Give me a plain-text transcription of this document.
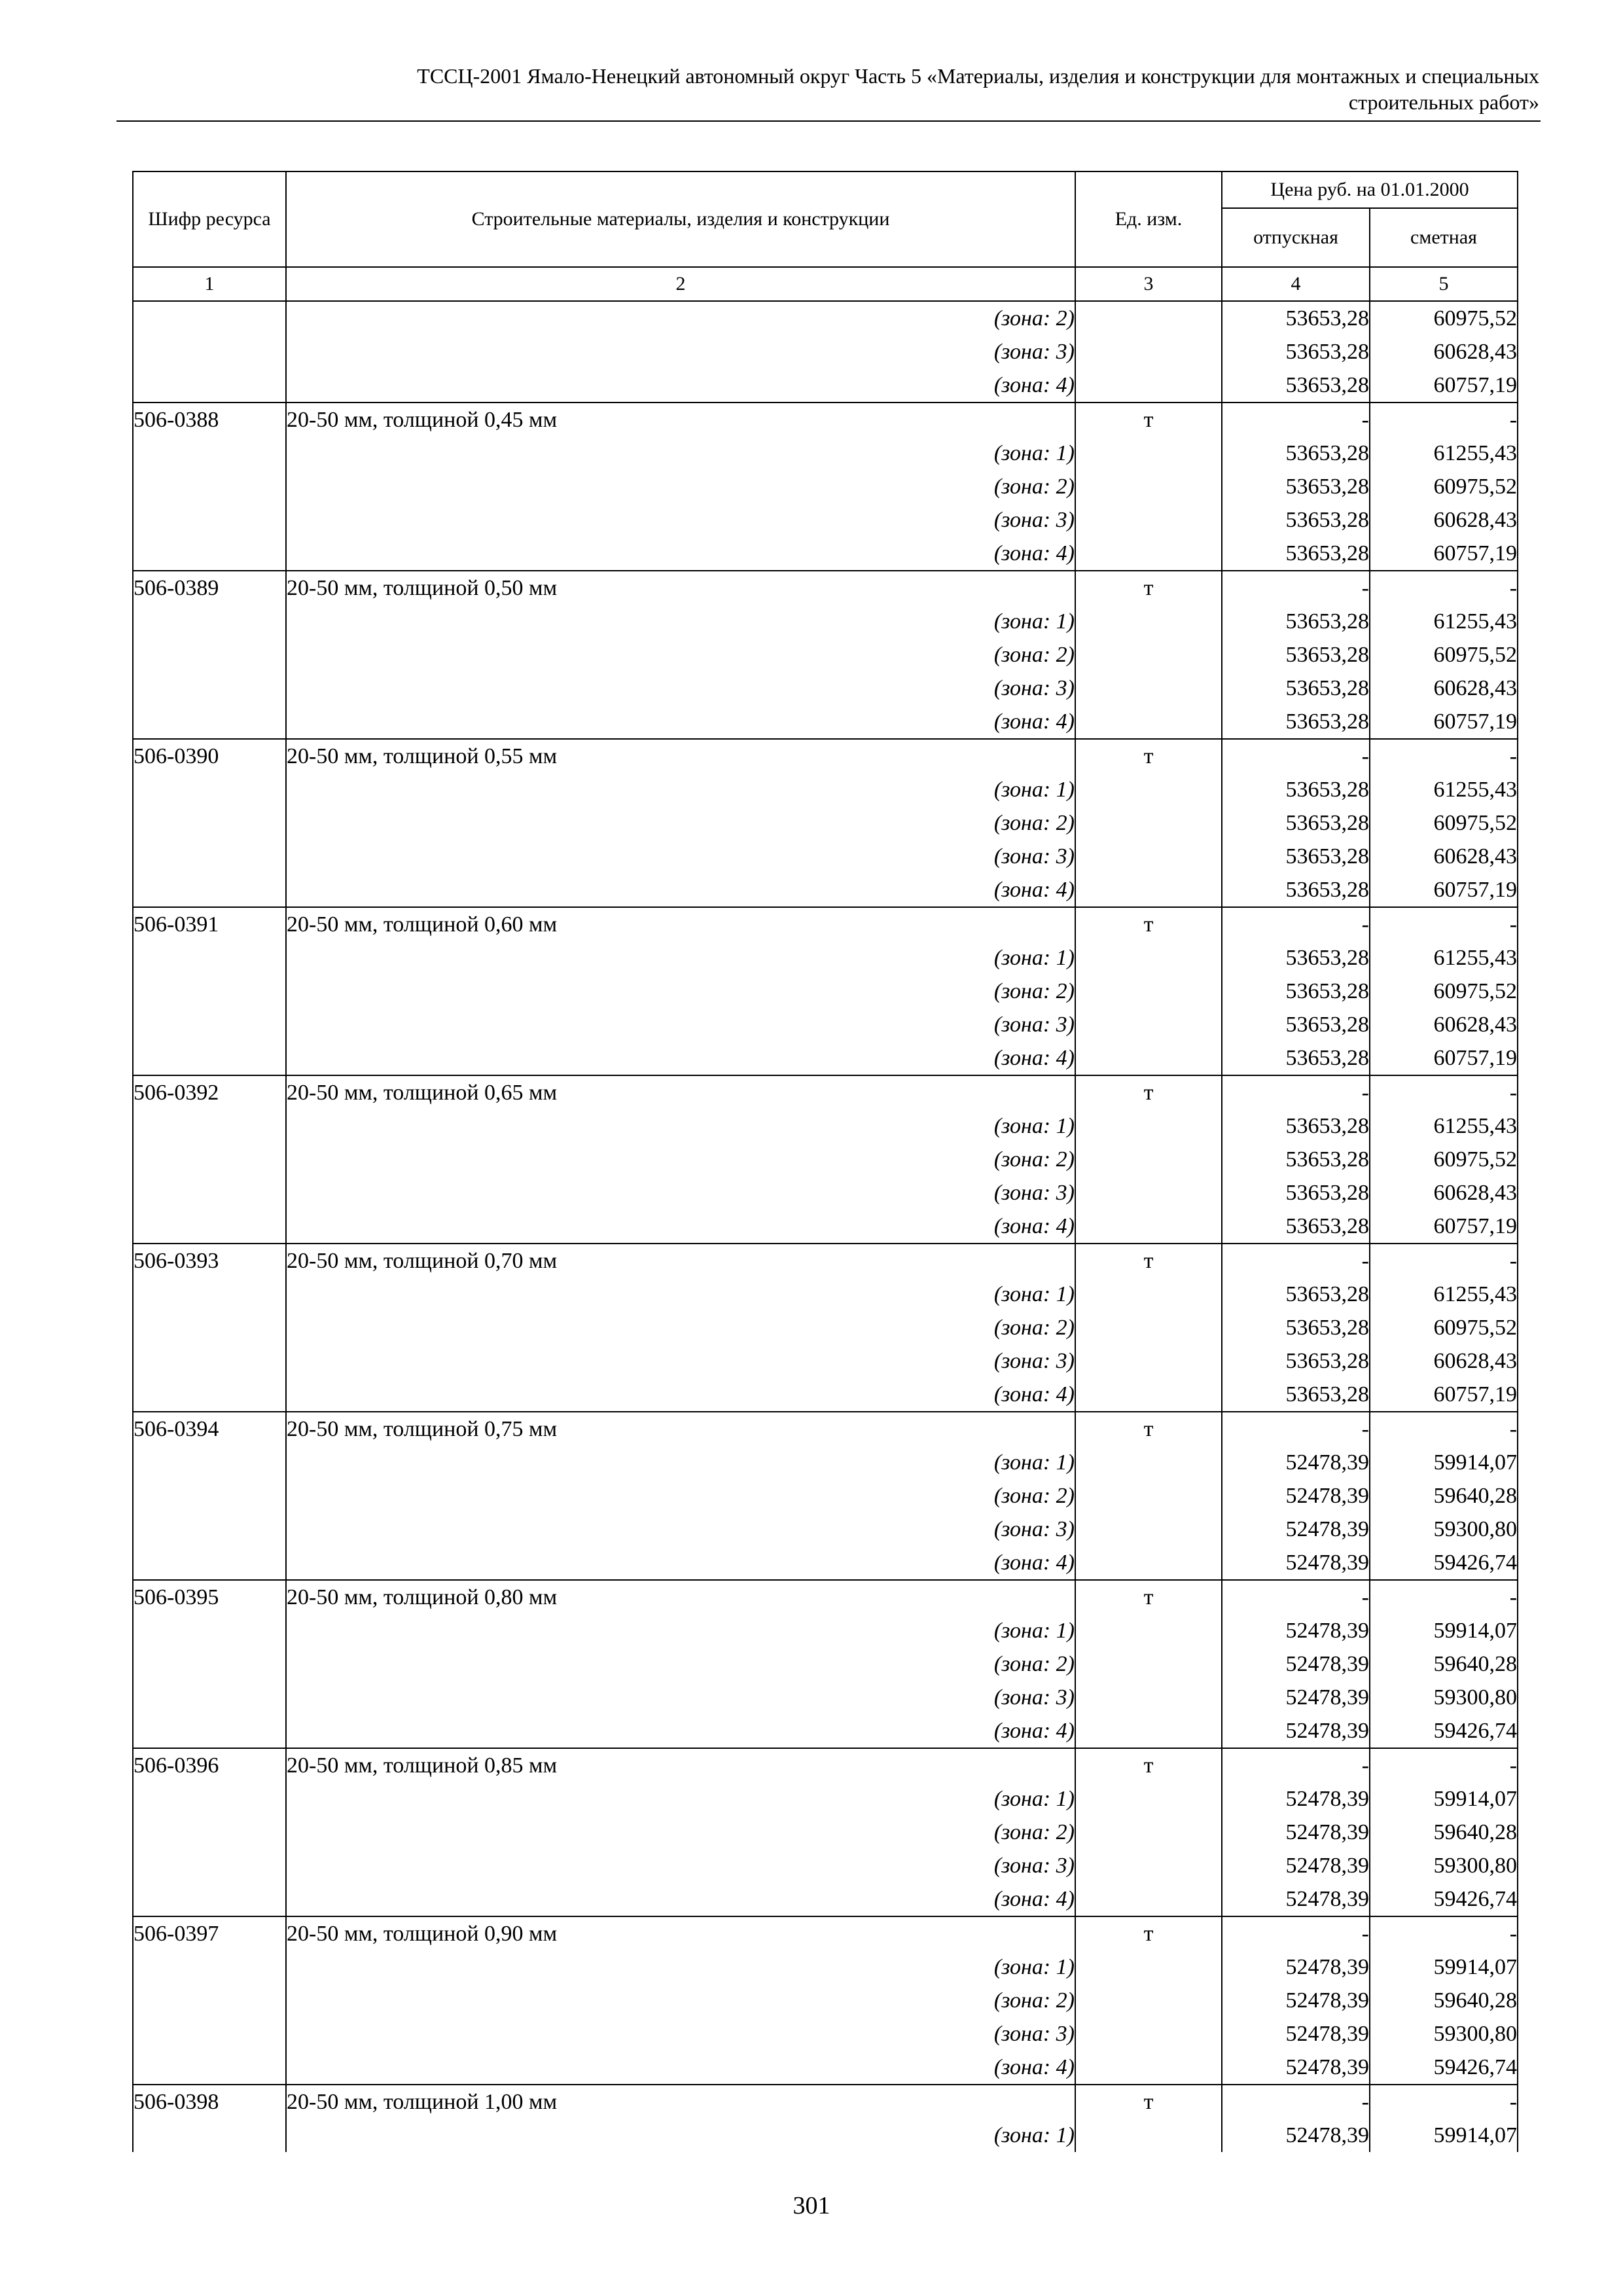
ТССЦ-2001 Ямало-Ненецкий автономный округ Часть 5 «Материалы, изделия и конструкции для монтажных и специальных
строительных работ»
Шифр ресурса	Строительные материалы, изделия и конструкции	Ед. изм.	Цена руб. на 01.01.2000	
			отпускная	сметная
1	2	3	4	5
	(зона: 2)		53653,28	60975,52
	(зона: 3)		53653,28	60628,43
	(зона: 4)		53653,28	60757,19
506-0388	20-50 мм, толщиной 0,45 мм	т	-	-
	(зона: 1)		53653,28	61255,43
	(зона: 2)		53653,28	60975,52
	(зона: 3)		53653,28	60628,43
	(зона: 4)		53653,28	60757,19
506-0389	20-50 мм, толщиной 0,50 мм	т	-	-
	(зона: 1)		53653,28	61255,43
	(зона: 2)		53653,28	60975,52
	(зона: 3)		53653,28	60628,43
	(зона: 4)		53653,28	60757,19
506-0390	20-50 мм, толщиной 0,55 мм	т	-	-
	(зона: 1)		53653,28	61255,43
	(зона: 2)		53653,28	60975,52
	(зона: 3)		53653,28	60628,43
	(зона: 4)		53653,28	60757,19
506-0391	20-50 мм, толщиной 0,60 мм	т	-	-
	(зона: 1)		53653,28	61255,43
	(зона: 2)		53653,28	60975,52
	(зона: 3)		53653,28	60628,43
	(зона: 4)		53653,28	60757,19
506-0392	20-50 мм, толщиной 0,65 мм	т	-	-
	(зона: 1)		53653,28	61255,43
	(зона: 2)		53653,28	60975,52
	(зона: 3)		53653,28	60628,43
	(зона: 4)		53653,28	60757,19
506-0393	20-50 мм, толщиной 0,70 мм	т	-	-
	(зона: 1)		53653,28	61255,43
	(зона: 2)		53653,28	60975,52
	(зона: 3)		53653,28	60628,43
	(зона: 4)		53653,28	60757,19
506-0394	20-50 мм, толщиной 0,75 мм	т	-	-
	(зона: 1)		52478,39	59914,07
	(зона: 2)		52478,39	59640,28
	(зона: 3)		52478,39	59300,80
	(зона: 4)		52478,39	59426,74
506-0395	20-50 мм, толщиной 0,80 мм	т	-	-
	(зона: 1)		52478,39	59914,07
	(зона: 2)		52478,39	59640,28
	(зона: 3)		52478,39	59300,80
	(зона: 4)		52478,39	59426,74
506-0396	20-50 мм, толщиной 0,85 мм	т	-	-
	(зона: 1)		52478,39	59914,07
	(зона: 2)		52478,39	59640,28
	(зона: 3)		52478,39	59300,80
	(зона: 4)		52478,39	59426,74
506-0397	20-50 мм, толщиной 0,90 мм	т	-	-
	(зона: 1)		52478,39	59914,07
	(зона: 2)		52478,39	59640,28
	(зона: 3)		52478,39	59300,80
	(зона: 4)		52478,39	59426,74
506-0398	20-50 мм, толщиной 1,00 мм	т	-	-
	(зона: 1)		52478,39	59914,07
301
